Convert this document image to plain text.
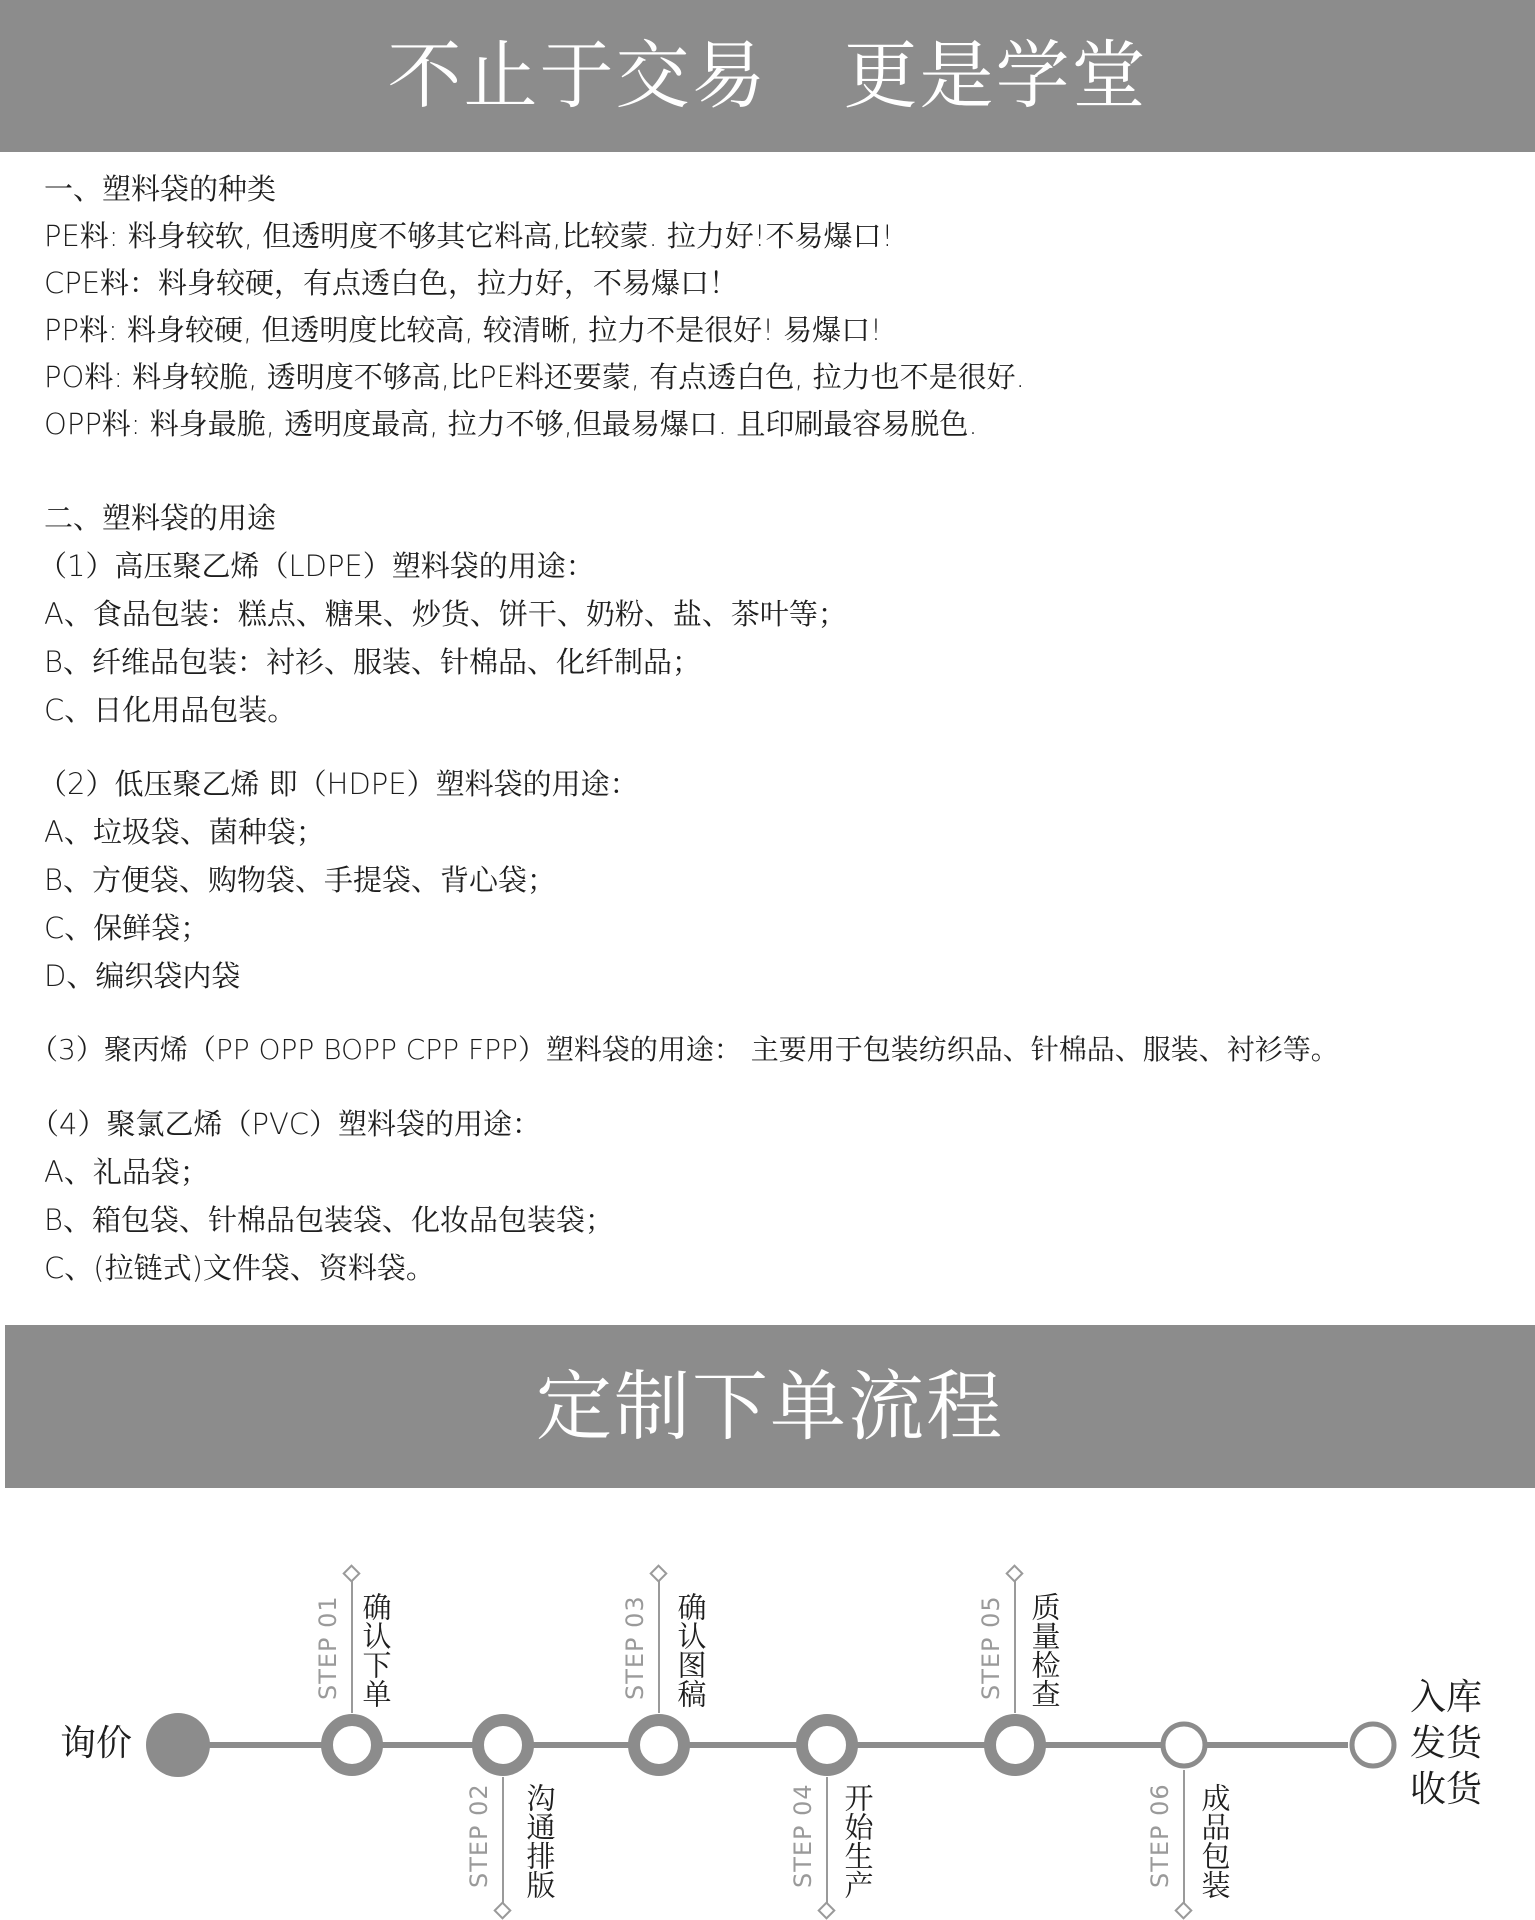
不止于交易　更是学堂
一、塑料袋的种类
PE料: 料身较软, 但透明度不够其它料高,比较蒙. 拉力好!不易爆口!
CPE料：料身较硬，有点透白色，拉力好，不易爆口！
PP料: 料身较硬, 但透明度比较高, 较清晰, 拉力不是很好! 易爆口!
PO料: 料身较脆, 透明度不够高,比PE料还要蒙, 有点透白色, 拉力也不是很好.
OPP料: 料身最脆, 透明度最高, 拉力不够,但最易爆口. 且印刷最容易脱色.
二、塑料袋的用途
（1）高压聚乙烯（LDPE）塑料袋的用途：
A、食品包装：糕点、糖果、炒货、饼干、奶粉、盐、茶叶等；
B、纤维品包装：衬衫、服装、针棉品、化纤制品；
C、日化用品包装。
（2）低压聚乙烯 即（HDPE）塑料袋的用途：
A、垃圾袋、菌种袋；
B、方便袋、购物袋、手提袋、背心袋；
C、保鲜袋；
D、编织袋内袋
（3）聚丙烯（PP OPP BOPP CPP FPP）塑料袋的用途： 主要用于包装纺织品、针棉品、服装、衬衫等。
（4）聚氯乙烯（PVC）塑料袋的用途：
A、礼品袋；
B、箱包袋、针棉品包装袋、化妆品包装袋；
C、(拉链式)文件袋、资料袋。
定制下单流程
询价
入库
发货
收货
STEP 01 确认下单
STEP 02 沟通排版
STEP 03 确认图稿
STEP 04 开始生产
STEP 05 质量检查
STEP 06 成品包装
